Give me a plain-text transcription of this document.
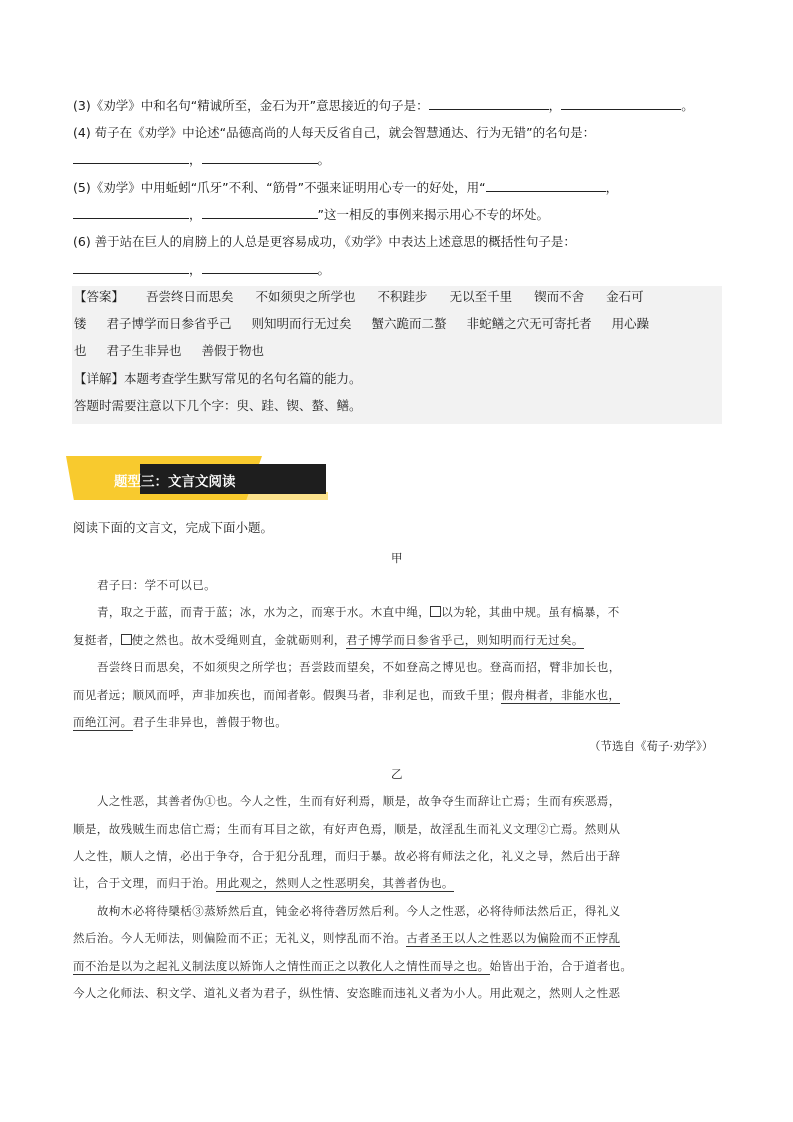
(3)《劝学》中和名句“精诚所至，金石为开”意思接近的句子是：	，	。
(4) 荀子在《劝学》中论述“品德高尚的人每天反省自己，就会智慧通达、行为无错”的名句是：
，	。
(5)《劝学》中用蚯蚓“爪牙”不利、“筋骨”不强来证明用心专一的好处，用“	，
，	”这一相反的事例来揭示用心不专的坏处。
(6) 善于站在巨人的肩膀上的人总是更容易成功，《劝学》中表达上述意思的概括性句子是：
，	。
【答案】 吾尝终日而思矣 不如须臾之所学也 不积跬步 无以至千里 锲而不舍 金石可
镂 君子博学而日参省乎己 则知明而行无过矣 蟹六跪而二螯 非蛇鳝之穴无可寄托者 用心躁
也 君子生非异也 善假于物也
【详解】本题考查学生默写常见的名句名篇的能力。
答题时需要注意以下几个字：臾、跬、锲、螯、鳝。
题型三：文言文阅读
阅读下面的文言文，完成下面小题。
甲
君子曰：学不可以已。
青，取之于蓝，而青于蓝；冰，水为之，而寒于水。木直中绳， 以为轮，其曲中规。虽有槁暴，不
复挺者， 使之然也。故木受绳则直，金就砺则利，君子博学而日参省乎己，则知明而行无过矣。
吾尝终日而思矣，不如须臾之所学也；吾尝跂而望矣，不如登高之博见也。登高而招，臂非加长也，
而见者远；顺风而呼，声非加疾也，而闻者彰。假舆马者，非利足也，而致千里；假舟楫者，非能水也，
而绝江河。君子生非异也，善假于物也。
（节选自《荀子·劝学》）
乙
人之性恶，其善者伪①也。今人之性，生而有好利焉，顺是，故争夺生而辞让亡焉；生而有疾恶焉，
顺是，故残贼生而忠信亡焉；生而有耳目之欲，有好声色焉，顺是，故淫乱生而礼义文理②亡焉。然则从
人之性，顺人之情，必出于争夺，合于犯分乱理，而归于暴。故必将有师法之化，礼义之导，然后出于辞
让，合于文理，而归于治。用此观之，然则人之性恶明矣，其善者伪也。
故枸木必将待檃栝③蒸矫然后直，钝金必将待砻厉然后利。今人之性恶，必将待师法然后正，得礼义
然后治。今人无师法，则偏险而不正；无礼义，则悖乱而不治。古者圣王以人之性恶以为偏险而不正悖乱
而不治是以为之起礼义制法度以矫饰人之情性而正之以教化人之情性而导之也。始皆出于治，合于道者也。
今人之化师法、积文学、道礼义者为君子，纵性情、安恣睢而违礼义者为小人。用此观之，然则人之性恶
